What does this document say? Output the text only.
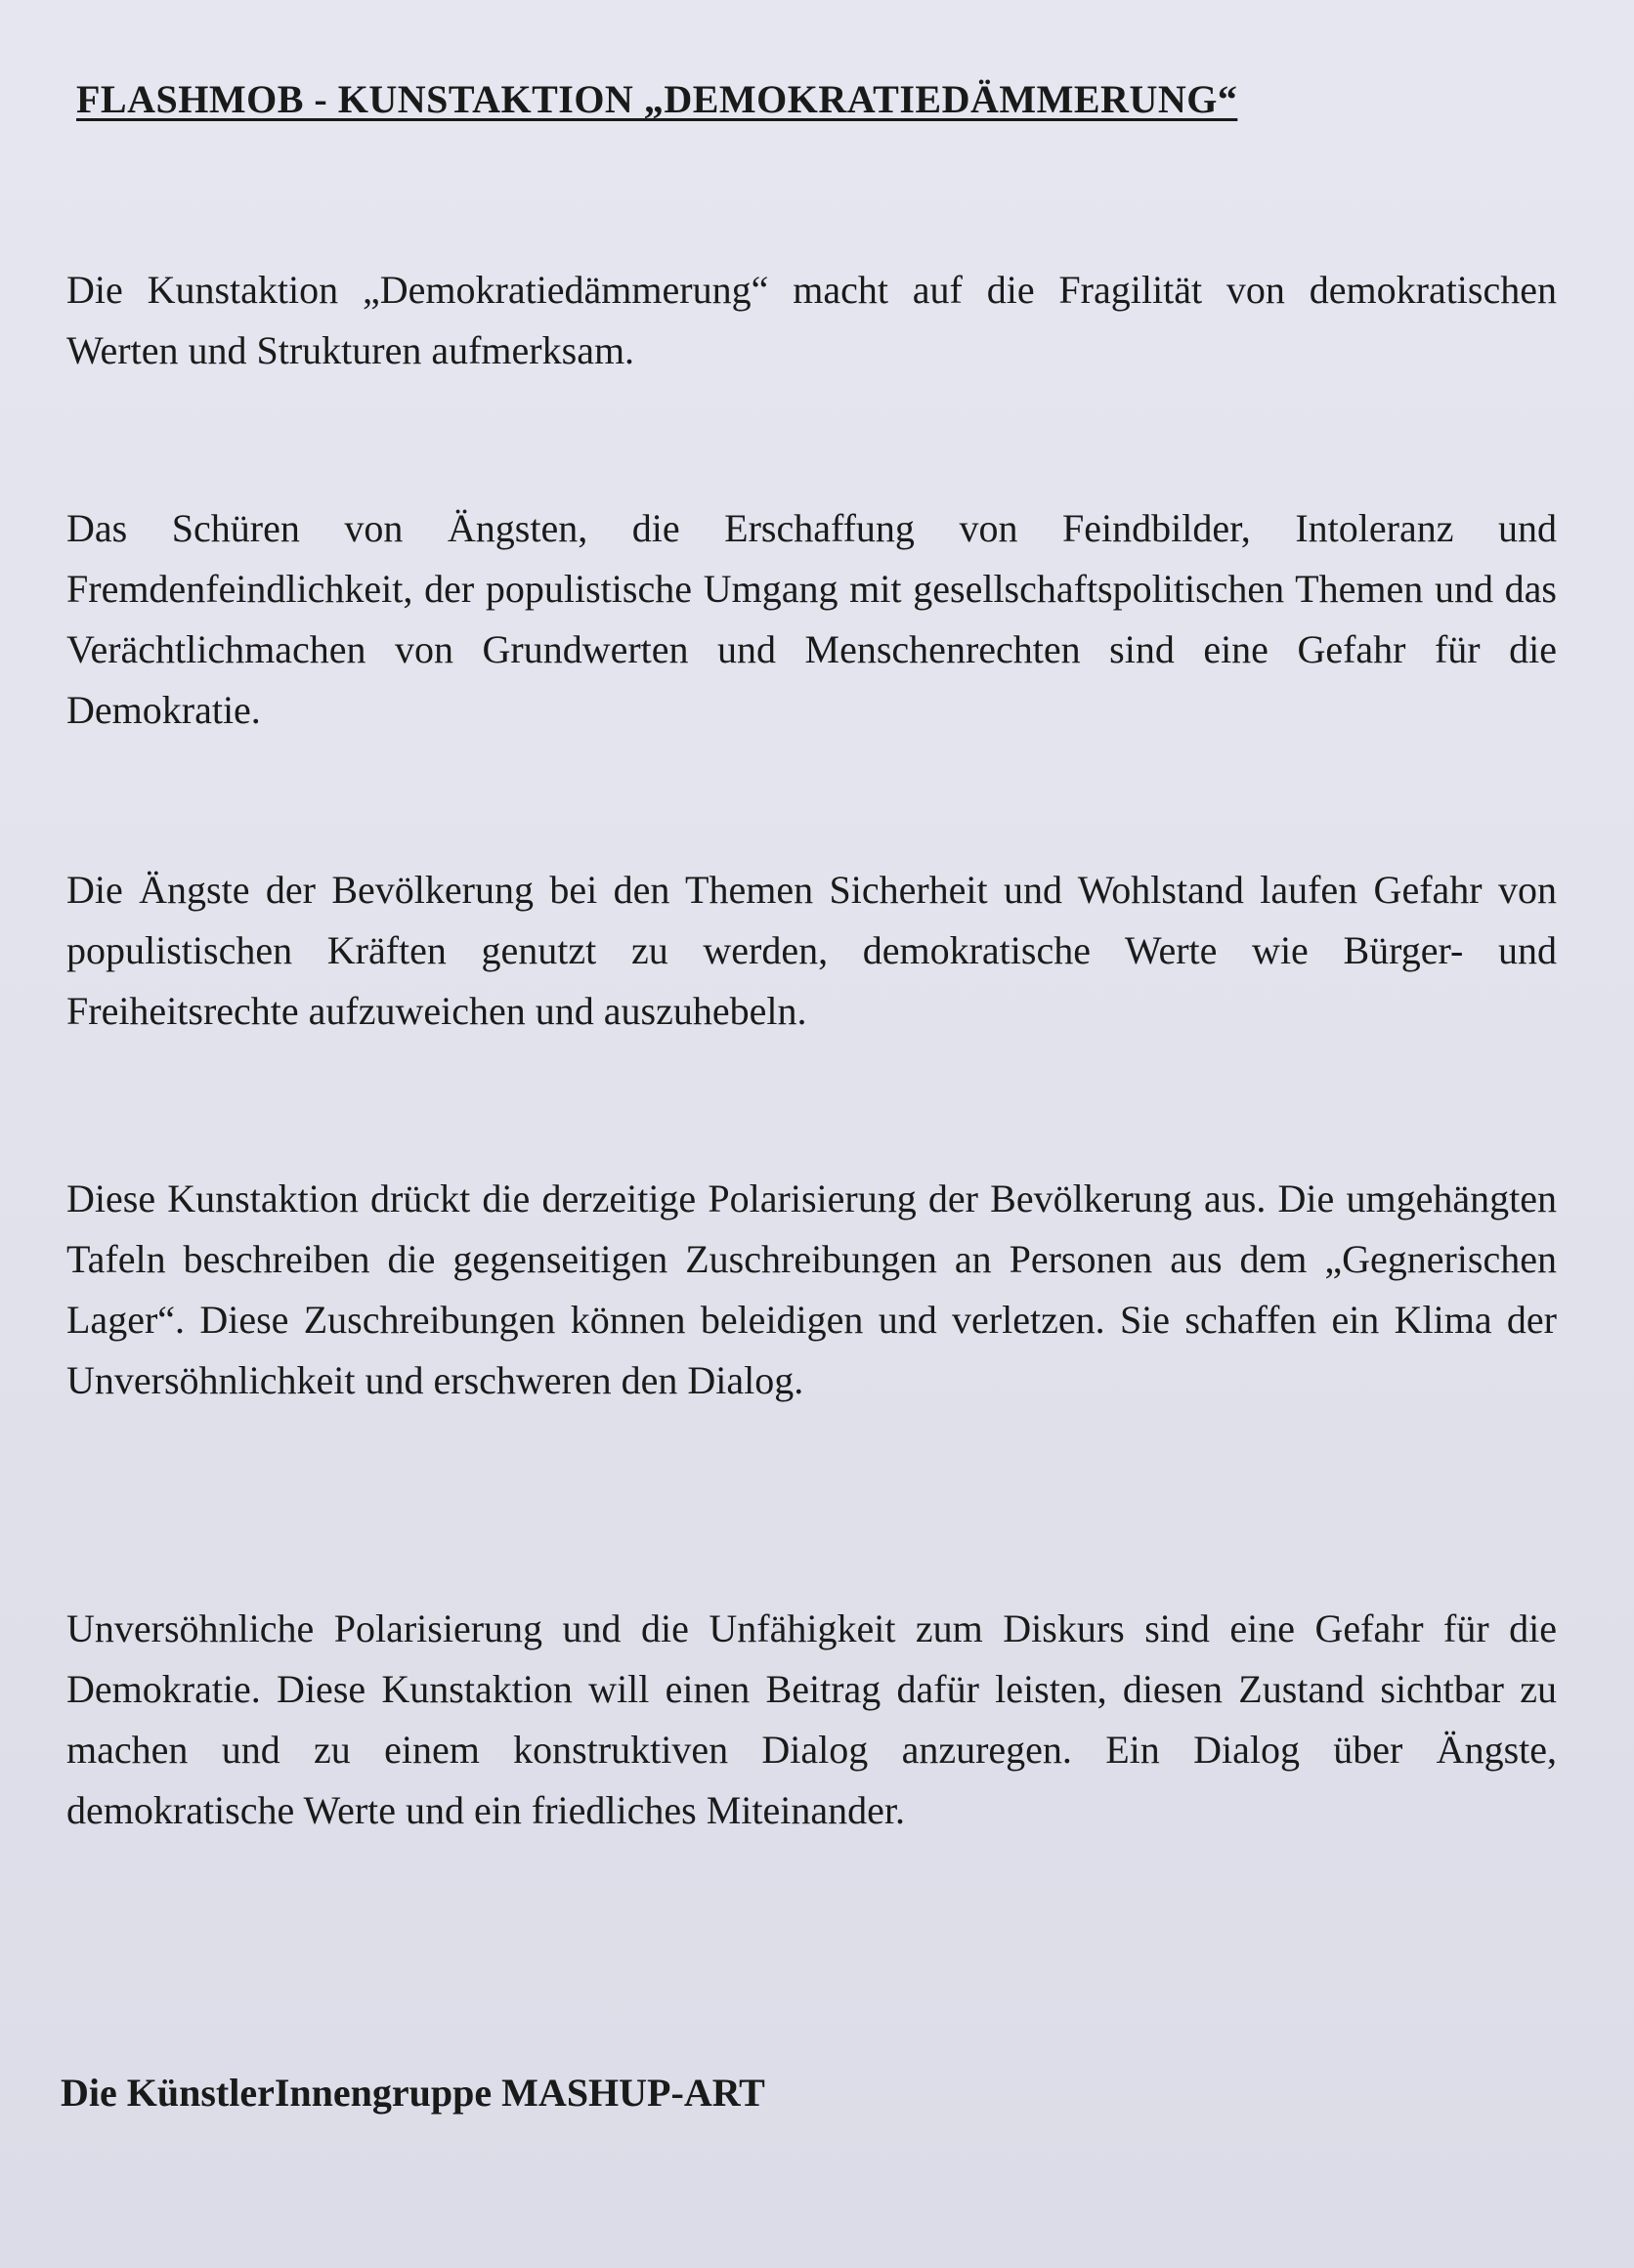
FLASHMOB - KUNSTAKTION „DEMOKRATIEDÄMMERUNG“

Die Kunstaktion „Demokratiedämmerung“ macht auf die Fragilität von demokratischen Werten und Strukturen aufmerksam.

Das Schüren von Ängsten, die Erschaffung von Feindbilder, Intoleranz und Fremdenfeindlichkeit, der populistische Umgang mit gesellschaftspolitischen Themen und das Verächtlichmachen von Grundwerten und Menschenrechten sind eine Gefahr für die Demokratie.

Die Ängste der Bevölkerung bei den Themen Sicherheit und Wohlstand laufen Gefahr von populistischen Kräften genutzt zu werden, demokratische Werte wie Bürger- und Freiheitsrechte aufzuweichen und auszuhebeln.

Diese Kunstaktion drückt die derzeitige Polarisierung der Bevölkerung aus. Die umgehängten Tafeln beschreiben die gegenseitigen Zuschreibungen an Personen aus dem „Gegnerischen Lager“. Diese Zuschreibungen können beleidigen und verletzen. Sie schaffen ein Klima der Unversöhnlichkeit und erschweren den Dialog.

Unversöhnliche Polarisierung und die Unfähigkeit zum Diskurs sind eine Gefahr für die Demokratie. Diese Kunstaktion will einen Beitrag dafür leisten, diesen Zustand sichtbar zu machen und zu einem konstruktiven Dialog anzuregen. Ein Dialog über Ängste, demokratische Werte und ein friedliches Miteinander.

Die KünstlerInnengruppe MASHUP-ART
